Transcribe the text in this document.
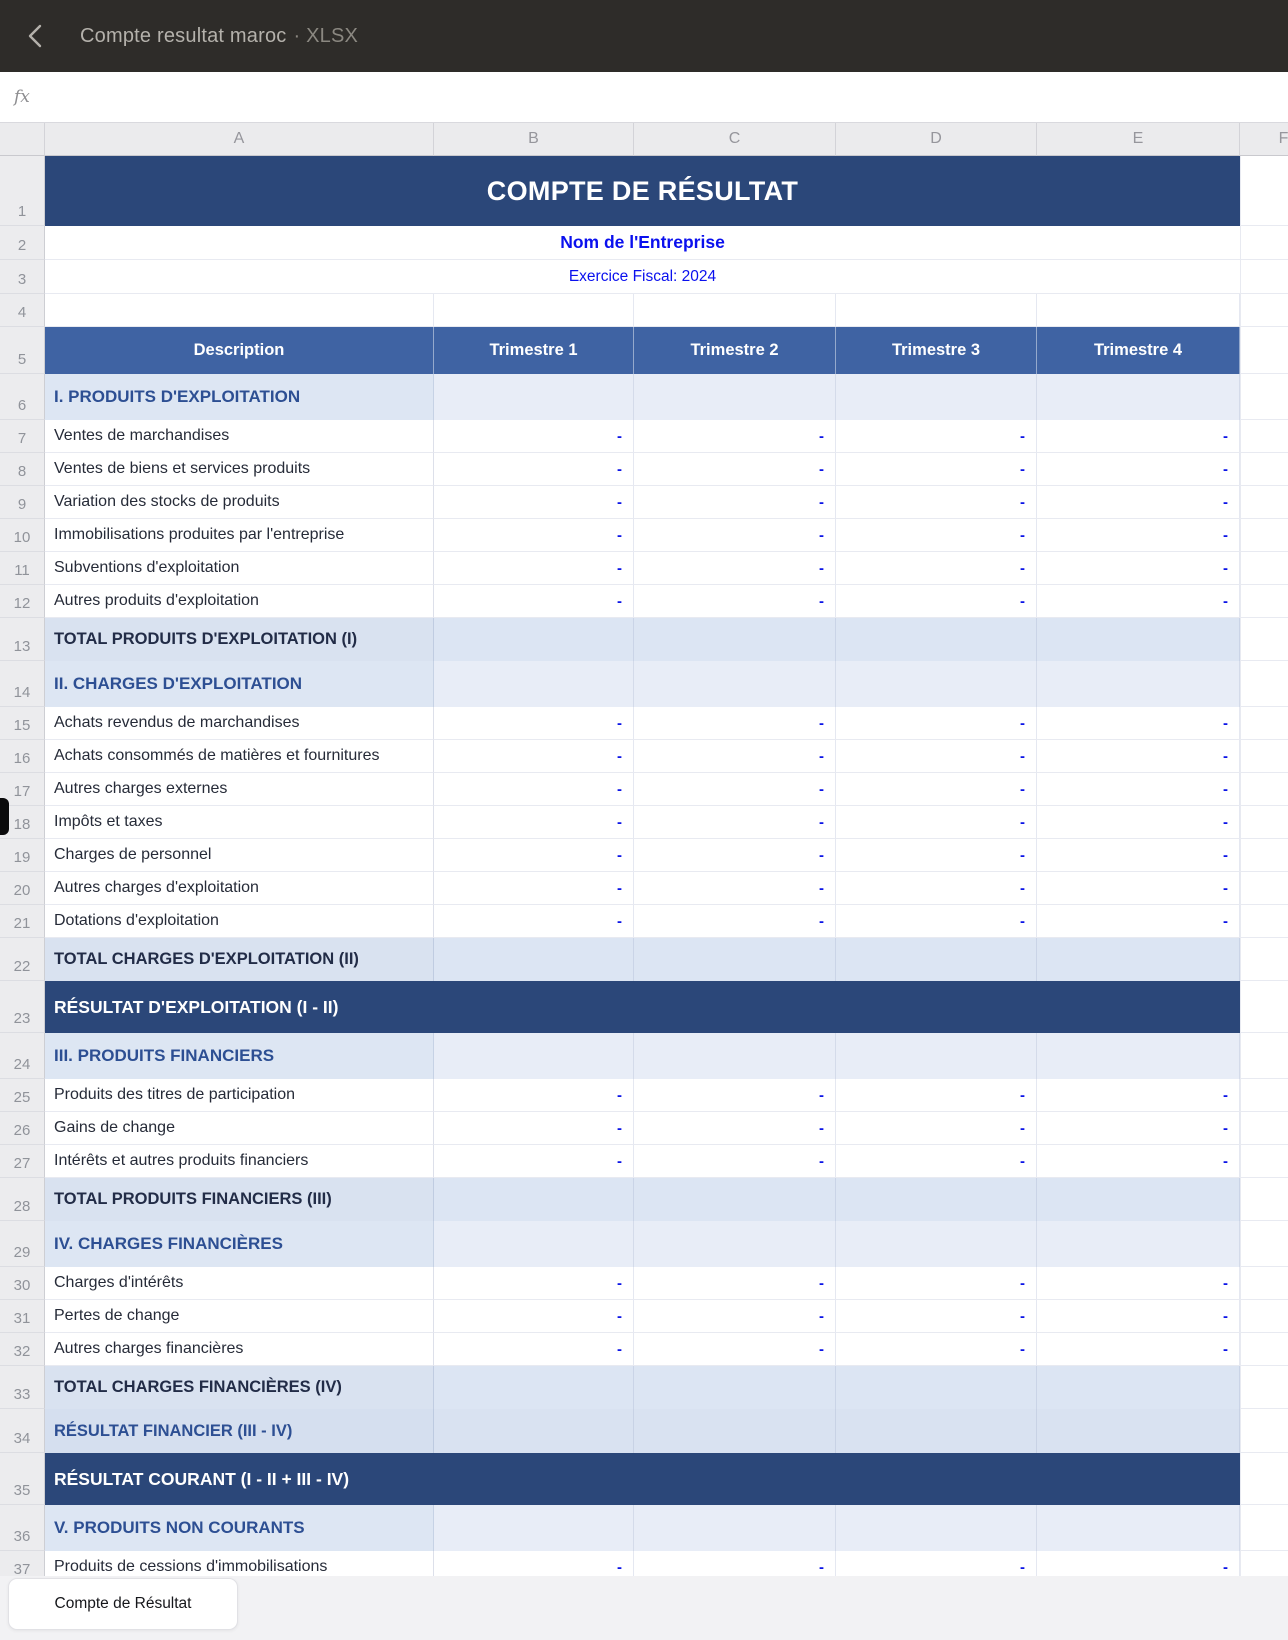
Compte resultat maroc · XLSX
fx
A	B	C	D	E	F
1
COMPTE DE RÉSULTAT
2	Nom de l'Entreprise
3	Exercice Fiscal: 2024
4
5
Description	Trimestre 1	Trimestre 2	Trimestre 3	Trimestre 4
6	I. PRODUITS D'EXPLOITATION
7	Ventes de marchandises	-	-	-	-
8	Ventes de biens et services produits	-	-	-	-
9	Variation des stocks de produits	-	-	-	-
10	Immobilisations produites par l'entreprise	-	-	-	-
11	Subventions d'exploitation	-	-	-	-
12	Autres produits d'exploitation	-	-	-	-
13	TOTAL PRODUITS D'EXPLOITATION (I)
14	II. CHARGES D'EXPLOITATION
15	Achats revendus de marchandises	-	-	-	-
16	Achats consommés de matières et fournitures	-	-	-	-
17	Autres charges externes	-	-	-	-
18	Impôts et taxes	-	-	-	-
19	Charges de personnel	-	-	-	-
20	Autres charges d'exploitation	-	-	-	-
21	Dotations d'exploitation	-	-	-	-
22	TOTAL CHARGES D'EXPLOITATION (II)
23
RÉSULTAT D'EXPLOITATION (I - II)
24	III. PRODUITS FINANCIERS
25	Produits des titres de participation	-	-	-	-
26	Gains de change	-	-	-	-
27	Intérêts et autres produits financiers	-	-	-	-
28	TOTAL PRODUITS FINANCIERS (III)
29	IV. CHARGES FINANCIÈRES
30	Charges d'intérêts	-	-	-	-
31	Pertes de change	-	-	-	-
32	Autres charges financières	-	-	-	-
33	TOTAL CHARGES FINANCIÈRES (IV)
34	RÉSULTAT FINANCIER (III - IV)
35
RÉSULTAT COURANT (I - II + III - IV)
36	V. PRODUITS NON COURANTS
37	Produits de cessions d'immobilisations	-	-	-	-
Compte de Résultat
